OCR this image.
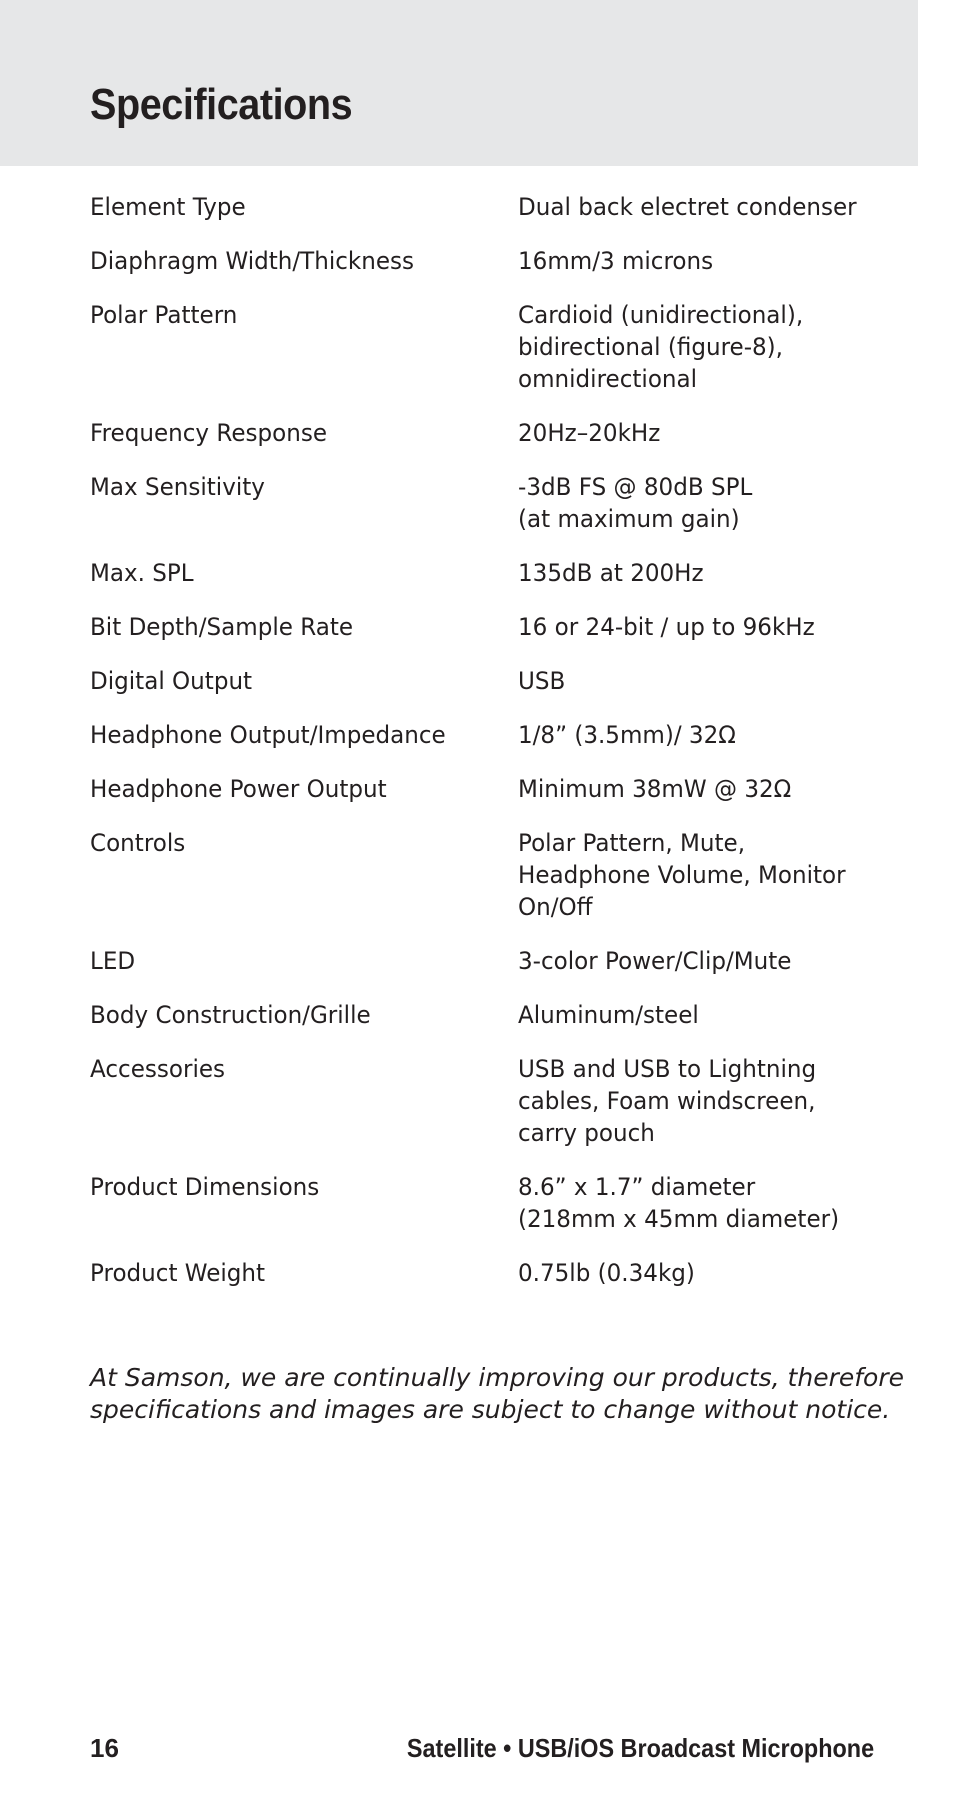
Specifications
Element Type	Dual back electret condenser
Diaphragm Width/Thickness	16mm/3 microns
Polar Pattern	Cardioid (unidirectional),
bidirectional (figure-8),
omnidirectional
Frequency Response	20Hz–20kHz
Max Sensitivity	-3dB FS @ 80dB SPL
(at maximum gain)
Max. SPL	135dB at 200Hz
Bit Depth/Sample Rate	16 or 24-bit / up to 96kHz
Digital Output	USB
Headphone Output/Impedance	1/8” (3.5mm)/ 32Ω
Headphone Power Output	Minimum 38mW @ 32Ω
Controls	Polar Pattern, Mute,
Headphone Volume, Monitor
On/Off
LED	3-color Power/Clip/Mute
Body Construction/Grille	Aluminum/steel
Accessories	USB and USB to Lightning
cables, Foam windscreen,
carry pouch
Product Dimensions	8.6” x 1.7” diameter
(218mm x 45mm diameter)
Product Weight	0.75lb (0.34kg)
At Samson, we are continually improving our products, therefore
specifications and images are subject to change without notice.
16	Satellite • USB/iOS Broadcast Microphone
